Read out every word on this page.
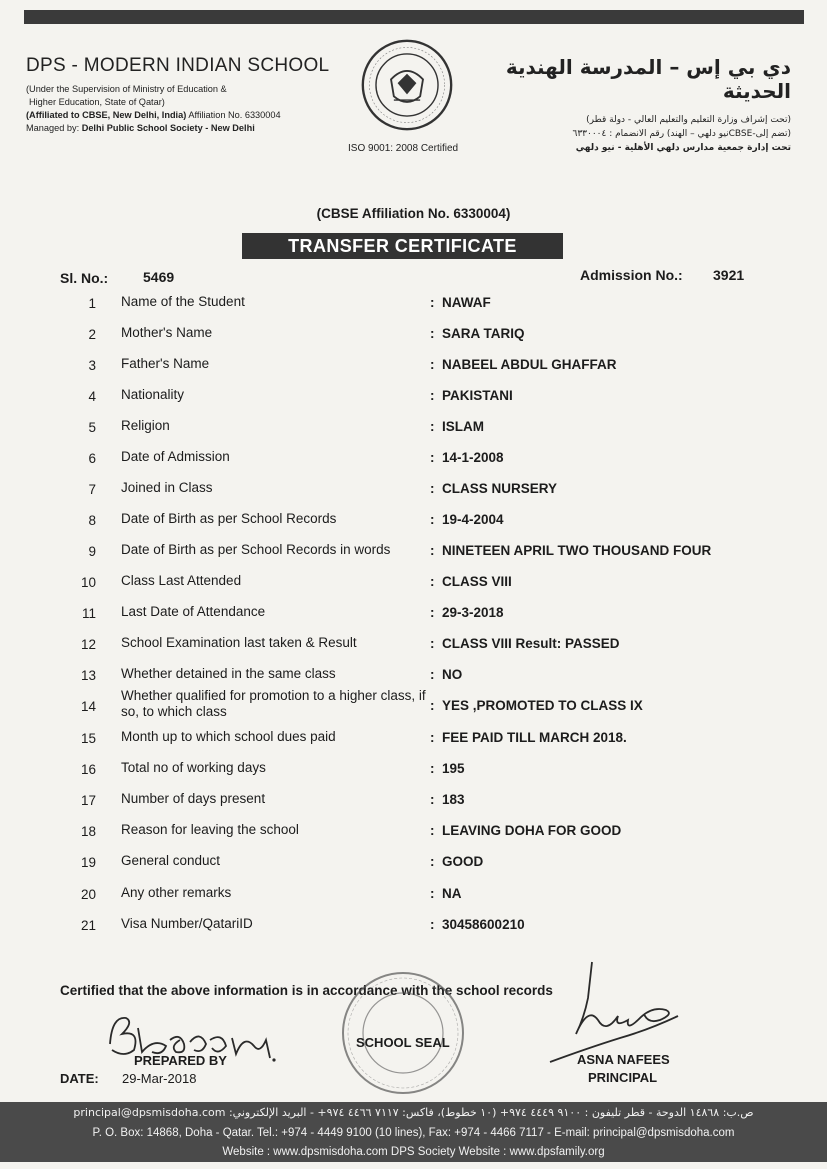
DPS - MODERN INDIAN SCHOOL
(Under the Supervision of Ministry of Education &
Higher Education, State of Qatar)
(Affiliated to CBSE, New Delhi, India) Affiliation No. 6330004
Managed by: Delhi Public School Society - New Delhi
ISO 9001: 2008 Certified
دي بي إس – المدرسة الهندية الحديثة
(تحت إشراف وزارة التعليم والتعليم العالي - دولة قطر)
(تضم إلى-CBSEنيو دلهي – الهند) رقم الانضمام : ٦٣٣٠٠٠٤
تحت إدارة جمعية مدارس دلهي الأهلية - نيو دلهي
(CBSE Affiliation No. 6330004)
TRANSFER CERTIFICATE
Sl. No.: 5469	Admission No.: 3921
1 Name of the Student	: NAWAF
2 Mother's Name	: SARA TARIQ
3 Father's Name	: NABEEL ABDUL GHAFFAR
4 Nationality	: PAKISTANI
5 Religion	: ISLAM
6 Date of Admission	: 14-1-2008
7 Joined in Class	: CLASS NURSERY
8 Date of Birth as per School Records	: 19-4-2004
9 Date of Birth as per School Records in words	: NINETEEN APRIL TWO THOUSAND FOUR
10 Class Last Attended	: CLASS VIII
11 Last Date of Attendance	: 29-3-2018
12 School Examination last taken & Result	: CLASS VIII Result: PASSED
13 Whether detained in the same class	: NO
14
Whether qualified for promotion to a higher class, if so, to which class	: YES ,PROMOTED TO CLASS IX
15 Month up to which school dues paid	: FEE PAID TILL MARCH 2018.
16 Total no of working days	: 195
17 Number of days present	: 183
18 Reason for leaving the school	: LEAVING DOHA FOR GOOD
19 General conduct	: GOOD
20 Any other remarks	: NA
21 Visa Number/QatariID	: 30458600210
Certified that the above information is in accordance with the school records
SCHOOL SEAL
PREPARED BY
DATE: 29-Mar-2018
ASNA NAFEES
PRINCIPAL
ص.ب: ١٤٨٦٨ الدوحة - قطر تليفون : ٩١٠٠ ٤٤٤٩ ٩٧٤+ (١٠ خطوط)، فاكس: ٧١١٧ ٤٤٦٦ ٩٧٤+ - البريد الإلكتروني: principal@dpsmisdoha.com
P. O. Box: 14868, Doha - Qatar. Tel.: +974 - 4449 9100 (10 lines), Fax: +974 - 4466 7117 - E-mail: principal@dpsmisdoha.com
Website : www.dpsmisdoha.com DPS Society Website : www.dpsfamily.org
